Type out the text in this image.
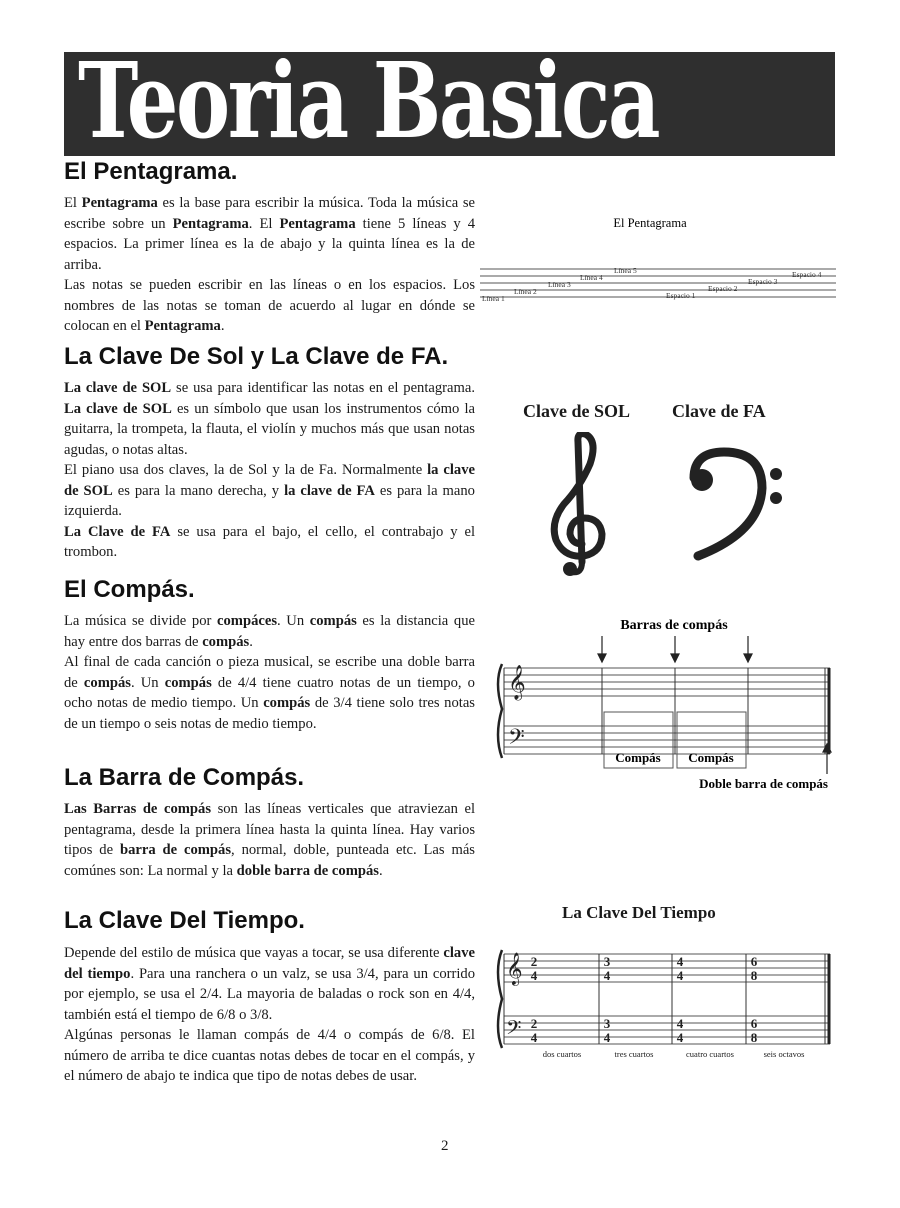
Teoria Basica
El Pentagrama.

El Pentagrama es la base para escribir la música. Toda la música se escribe sobre un Pentagrama. El Pentagrama tiene 5 líneas y 4 espacios. La primer línea es la de abajo y la quinta línea es la de arriba.

Las notas se pueden escribir en las líneas o en los espacios. Los nombres de las notas se toman de acuerdo al lugar en dónde se colocan en el Pentagrama.

El Pentagrama
Línea 1
Línea 2
Línea 3
Línea 4
Línea 5
Espacio 1
Espacio 2
Espacio 3
Espacio 4
La Clave De Sol y La Clave de FA.

La clave de SOL se usa para identificar las notas en el pentagrama. La clave de SOL es un símbolo que usan los instrumentos cómo la guitarra, la trompeta, la flauta, el violín y muchos más que usan notas agudas, o notas altas.

El piano usa dos claves, la de Sol y la de Fa. Normalmente la clave de SOL es para la mano derecha, y la clave de FA es para la mano izquierda.

La Clave de FA se usa para el bajo, el cello, el contrabajo y el trombon.

Clave de SOL Clave de FA
El Compás.

La música se divide por compáces. Un compás es la distancia que hay entre dos barras de compás.

Al final de cada canción o pieza musical, se escribe una doble barra de compás. Un compás de 4/4 tiene cuatro notas de un tiempo, o ocho notas de medio tiempo. Un compás de 3/4 tiene solo tres notas de un tiempo o seis notas de medio tiempo.

Barras de compás
𝄞
𝄢
Compás Compás
Doble barra de compás
La Barra de Compás.

Las Barras de compás son las líneas verticales que atraviezan el pentagrama, desde la primera línea hasta la quinta línea. Hay varios tipos de barra de compás, normal, doble, punteada etc. Las más comúnes son: La normal y la doble barra de compás.

La Clave Del Tiempo.

Depende del estilo de música que vayas a tocar, se usa diferente clave del tiempo. Para una ranchera o un valz, se usa 3/4, para un corrido por ejemplo, se usa el 2/4. La mayoria de baladas o rock son en 4/4, también está el tiempo de 6/8 o 3/8.

Algúnas personas le llaman compás de 4/4 o compás de 6/8. El número de arriba te dice cuantas notas debes de tocar en el compás, y el número de abajo te indica que tipo de notas debes de usar.

La Clave Del Tiempo
𝄞
𝄢
2
4
2
4
3
4
3
4
4
4
4
4
6
8
6
8
dos cuartos	tres cuartos	cuatro cuartos	seis octavos
2
